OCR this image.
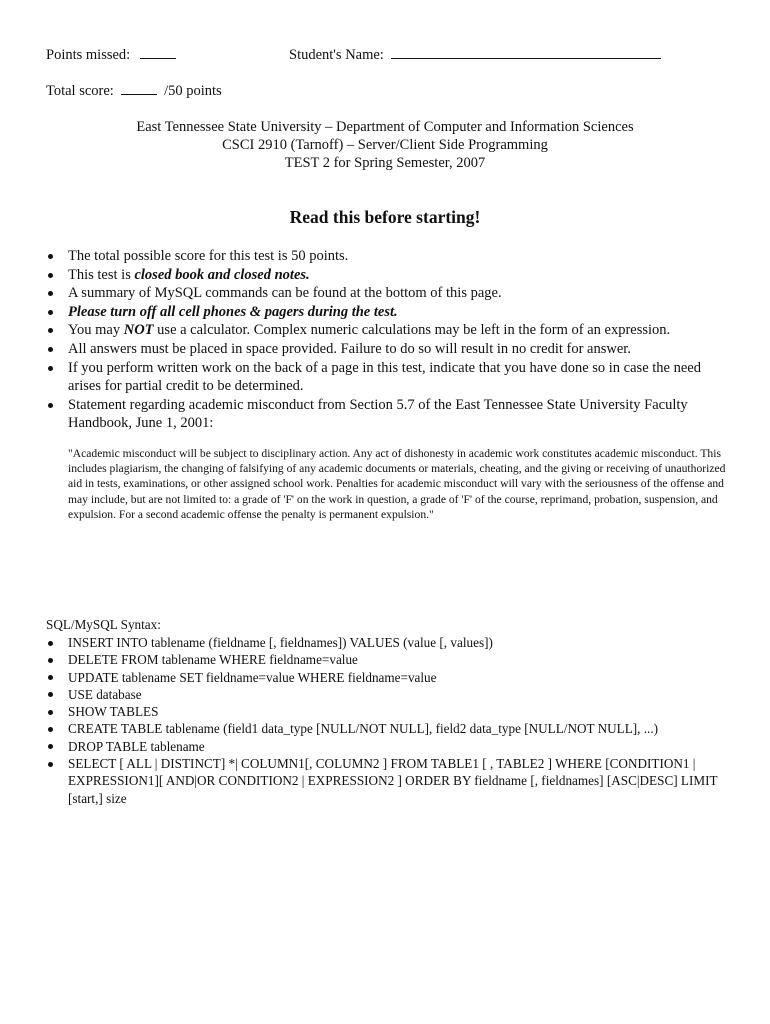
Points missed:	Student's Name:
Total score:	/50 points
East Tennessee State University – Department of Computer and Information Sciences
CSCI 2910 (Tarnoff) – Server/Client Side Programming
TEST 2 for Spring Semester, 2007
Read this before starting!
The total possible score for this test is 50 points.
This test is closed book and closed notes.
A summary of MySQL commands can be found at the bottom of this page.
Please turn off all cell phones & pagers during the test.
You may NOT use a calculator. Complex numeric calculations may be left in the form of an expression.
All answers must be placed in space provided. Failure to do so will result in no credit for answer.
If you perform written work on the back of a page in this test, indicate that you have done so in case the need arises for partial credit to be determined.
Statement regarding academic misconduct from Section 5.7 of the East Tennessee State University Faculty Handbook, June 1, 2001:
"Academic misconduct will be subject to disciplinary action. Any act of dishonesty in academic work constitutes academic misconduct. This includes plagiarism, the changing of falsifying of any academic documents or materials, cheating, and the giving or receiving of unauthorized aid in tests, examinations, or other assigned school work. Penalties for academic misconduct will vary with the seriousness of the offense and may include, but are not limited to: a grade of 'F' on the work in question, a grade of 'F' of the course, reprimand, probation, suspension, and expulsion. For a second academic offense the penalty is permanent expulsion."
SQL/MySQL Syntax:
INSERT INTO tablename (fieldname [, fieldnames]) VALUES (value [, values])
DELETE FROM tablename WHERE fieldname=value
UPDATE tablename SET fieldname=value WHERE fieldname=value
USE database
SHOW TABLES
CREATE TABLE tablename (field1 data_type [NULL/NOT NULL], field2 data_type [NULL/NOT NULL], ...)
DROP TABLE tablename
SELECT [ ALL | DISTINCT] *| COLUMN1[, COLUMN2 ] FROM TABLE1 [ , TABLE2 ] WHERE [CONDITION1 | EXPRESSION1][ AND|OR CONDITION2 | EXPRESSION2 ] ORDER BY fieldname [, fieldnames] [ASC|DESC] LIMIT [start,] size
